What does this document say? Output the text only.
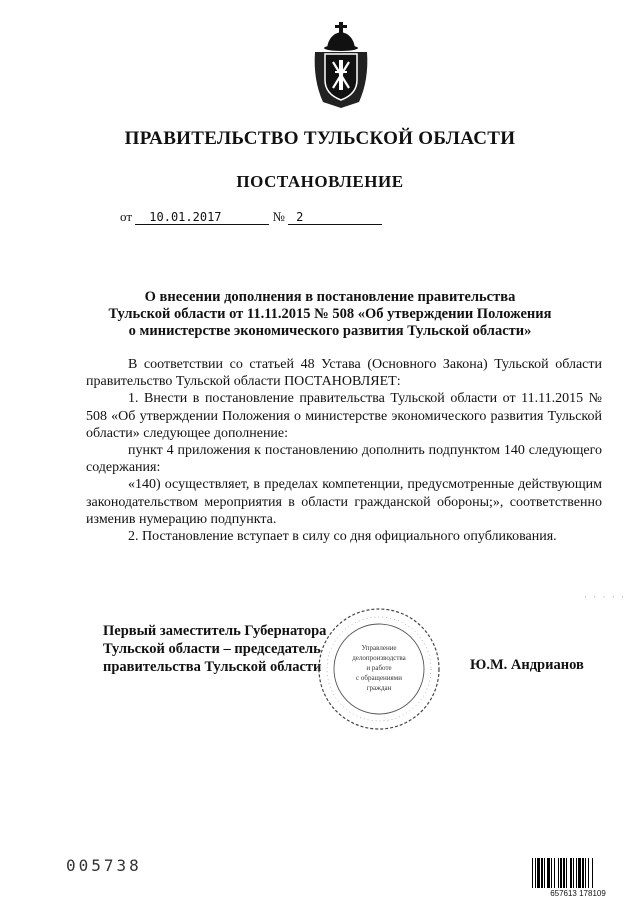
ПРАВИТЕЛЬСТВО ТУЛЬСКОЙ ОБЛАСТИ
ПОСТАНОВЛЕНИЕ
от 10.01.2017	№ 2
О внесении дополнения в постановление правительства
Тульской области от 11.11.2015 № 508 «Об утверждении Положения
о министерстве экономического развития Тульской области»

В соответствии со статьей 48 Устава (Основного Закона) Тульской области правительство Тульской области ПОСТАНОВЛЯЕТ:

1. Внести в постановление правительства Тульской области от 11.11.2015 № 508 «Об утверждении Положения о министерстве экономического развития Тульской области» следующее дополнение:

пункт 4 приложения к постановлению дополнить подпунктом 140 следующего содержания:

«140) осуществляет, в пределах компетенции, предусмотренные действующим законодательством мероприятия в области гражданской обороны;», соответственно изменив нумерацию подпункта.

2. Постановление вступает в силу со дня официального опубликования.

· · · · ·
Первый заместитель Губернатора
Тульской области – председатель
правительства Тульской области
Управление
делопроизводства
и работе
с обращениями
граждан
Ю.М. Андрианов
005738
657613 178109
